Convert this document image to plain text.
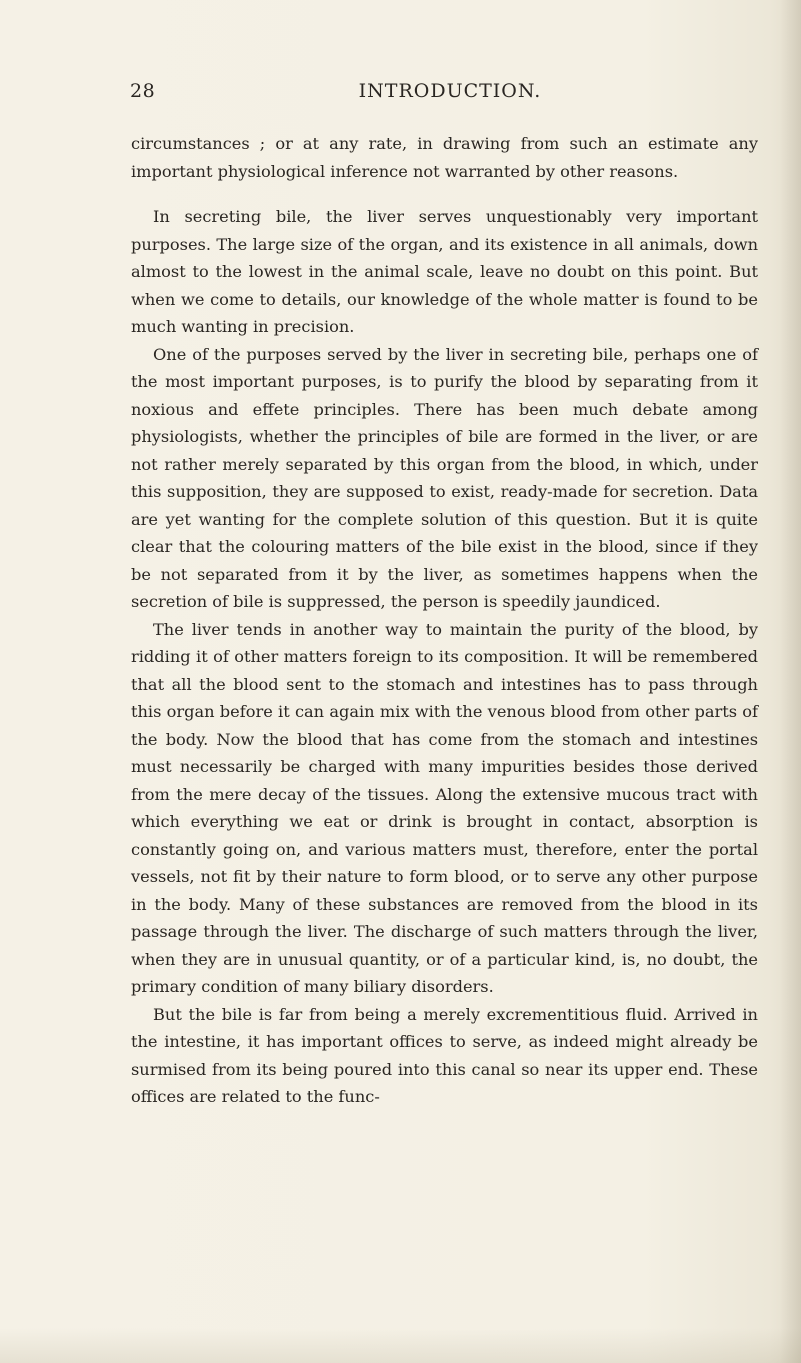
28	INTRODUCTION.

circumstances ; or at any rate, in drawing from such an estimate any important physiological inference not warranted by other reasons.

In secreting bile, the liver serves unquestionably very important purposes. The large size of the organ, and its existence in all animals, down almost to the lowest in the animal scale, leave no doubt on this point. But when we come to details, our knowledge of the whole matter is found to be much wanting in precision.

One of the purposes served by the liver in secreting bile, perhaps one of the most important purposes, is to purify the blood by separating from it noxious and effete principles. There has been much debate among physiologists, whether the principles of bile are formed in the liver, or are not rather merely separated by this organ from the blood, in which, under this supposition, they are supposed to exist, ready-made for secretion. Data are yet wanting for the complete solution of this question. But it is quite clear that the colouring matters of the bile exist in the blood, since if they be not separated from it by the liver, as sometimes happens when the secretion of bile is suppressed, the person is speedily jaundiced.

The liver tends in another way to maintain the purity of the blood, by ridding it of other matters foreign to its composition. It will be remembered that all the blood sent to the stomach and intestines has to pass through this organ before it can again mix with the venous blood from other parts of the body. Now the blood that has come from the stomach and intestines must necessarily be charged with many impurities besides those derived from the mere decay of the tissues. Along the extensive mucous tract with which everything we eat or drink is brought in contact, absorption is constantly going on, and various matters must, therefore, enter the portal vessels, not fit by their nature to form blood, or to serve any other purpose in the body. Many of these substances are removed from the blood in its passage through the liver. The discharge of such matters through the liver, when they are in unusual quantity, or of a particular kind, is, no doubt, the primary condition of many biliary disorders.

But the bile is far from being a merely excrementitious fluid. Arrived in the intestine, it has important offices to serve, as indeed might already be surmised from its being poured into this canal so near its upper end. These offices are related to the func-
